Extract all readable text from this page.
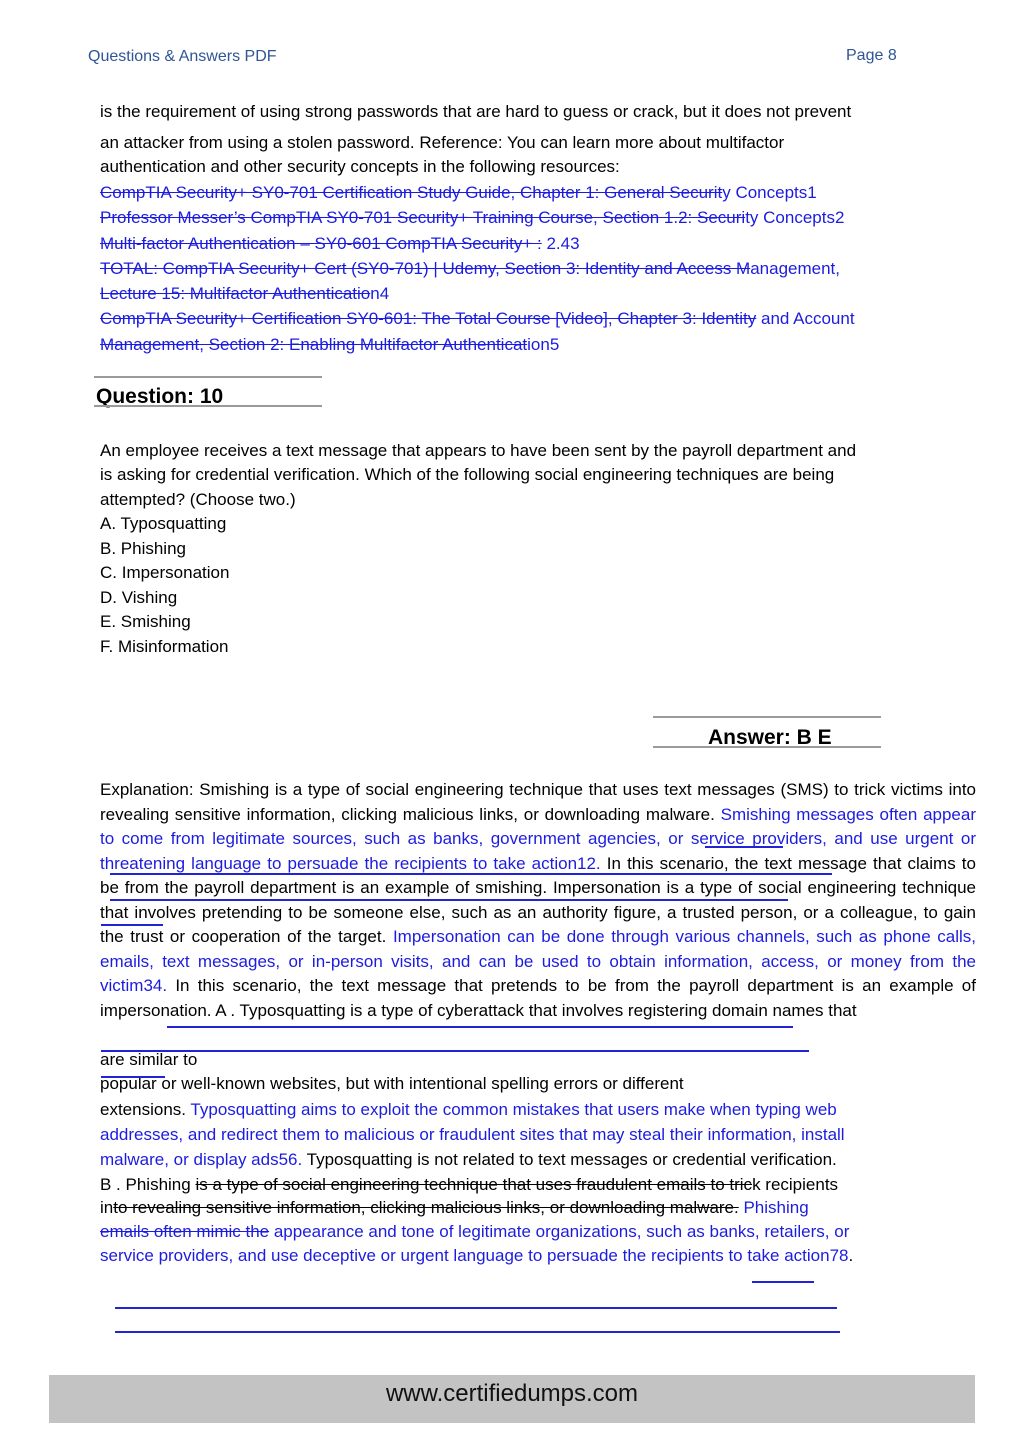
Questions & Answers PDF	Page 8
is the requirement of using strong passwords that are hard to guess or crack, but it does not prevent
an attacker from using a stolen password. Reference: You can learn more about multifactor
authentication and other security concepts in the following resources:
CompTIA Security+ SY0-701 Certification Study Guide, Chapter 1: General Security Concepts1
Professor Messer’s CompTIA SY0-701 Security+ Training Course, Section 1.2: Security Concepts2
Multi-factor Authentication – SY0-601 CompTIA Security+ : 2.43
TOTAL: CompTIA Security+ Cert (SY0-701) | Udemy, Section 3: Identity and Access Management,
Lecture 15: Multifactor Authentication4
CompTIA Security+ Certification SY0-601: The Total Course [Video], Chapter 3: Identity and Account
Management, Section 2: Enabling Multifactor Authentication5
Question: 10
An employee receives a text message that appears to have been sent by the payroll department and
is asking for credential verification. Which of the following social engineering techniques are being
attempted? (Choose two.)
A. Typosquatting
B. Phishing
C. Impersonation
D. Vishing
E. Smishing
F. Misinformation
Answer: B E
Explanation: Smishing is a type of social engineering technique that uses text messages (SMS) to trick victims into revealing sensitive information, clicking malicious links, or downloading malware. Smishing messages often appear to come from legitimate sources, such as banks, government agencies, or service providers, and use urgent or threatening language to persuade the recipients to take action12. In this scenario, the text message that claims to be from the payroll department is an example of smishing. Impersonation is a type of social engineering technique that involves pretending to be someone else, such as an authority figure, a trusted person, or a colleague, to gain the trust or cooperation of the target. Impersonation can be done through various channels, such as phone calls, emails, text messages, or in-person visits, and can be used to obtain information, access, or money from the victim34. In this scenario, the text message that pretends to be from the payroll department is an example of impersonation. A . Typosquatting is a type of cyberattack that involves registering domain names that
are similar to
popular or well-known websites, but with intentional spelling errors or different
extensions. Typosquatting aims to exploit the common mistakes that users make when typing web
addresses, and redirect them to malicious or fraudulent sites that may steal their information, install
malware, or display ads56. Typosquatting is not related to text messages or credential verification.
B . Phishing is a type of social engineering technique that uses fraudulent emails to trick recipients
into revealing sensitive information, clicking malicious links, or downloading malware. Phishing
emails often mimic the appearance and tone of legitimate organizations, such as banks, retailers, or
service providers, and use deceptive or urgent language to persuade the recipients to take action78.
www.certifiedumps.com
